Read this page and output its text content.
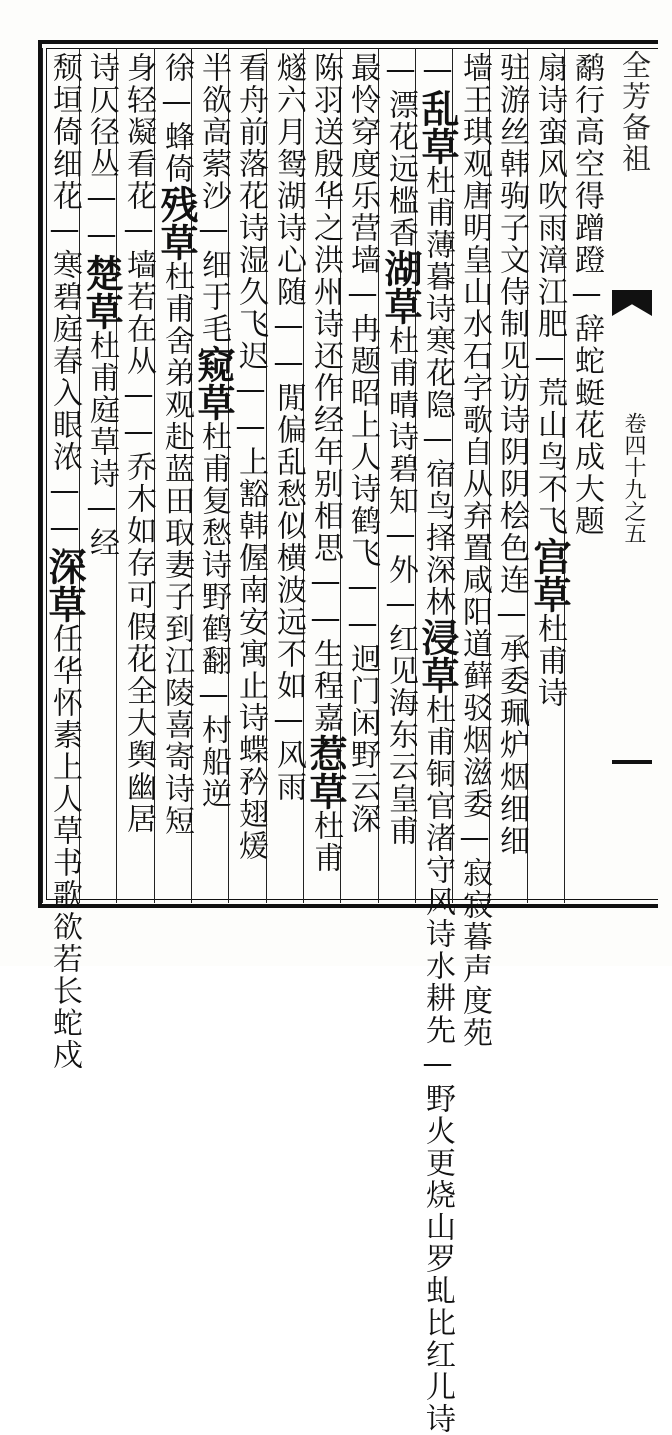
全芳备祖
卷四十九之五
鹬行高空得蹭蹬—辞蛇蜓花成大题
扇诗蛮风吹雨漳江肥—荒山鸟不飞宫草杜甫诗
驻游丝韩驹子文侍制见访诗阴阴桧色连—承委珮炉烟细细
墙王琪观唐明皇山水石字歌自从弃置咸阳道藓驳烟滋委—寂寂暮声度苑
—乱草杜甫薄暮诗寒花隐—宿鸟择深林浸草杜甫铜官渚守风诗水耕先—野火更烧山罗虬比红儿诗
—漂花远槛香湖草杜甫晴诗碧知—外—红见海东云皇甫
最怜穿度乐营墙—冉题昭上人诗鹤飞——迥门闲野云深
陈羽送殷华之洪州诗还作经年别相思——生程嘉惹草杜甫
燧六月鸳湖诗心随——閒偏乱愁似横波远不如—风雨
看舟前落花诗湿久飞迟——上豁韩偓南安寓止诗蝶矜翅煖
半欲高萦沙—细于毛窥草杜甫复愁诗野鹤翻—村船逆
徐—蜂倚残草杜甫舍弟观赴蓝田取妻子到江陵喜寄诗短
身轻凝看花—墙若在从——乔木如存可假花全大舆幽居
诗仄径丛——楚草杜甫庭草诗—经
颓垣倚细花—寒碧庭春入眼浓——深草任华怀素上人草书歌欲若长蛇戍
